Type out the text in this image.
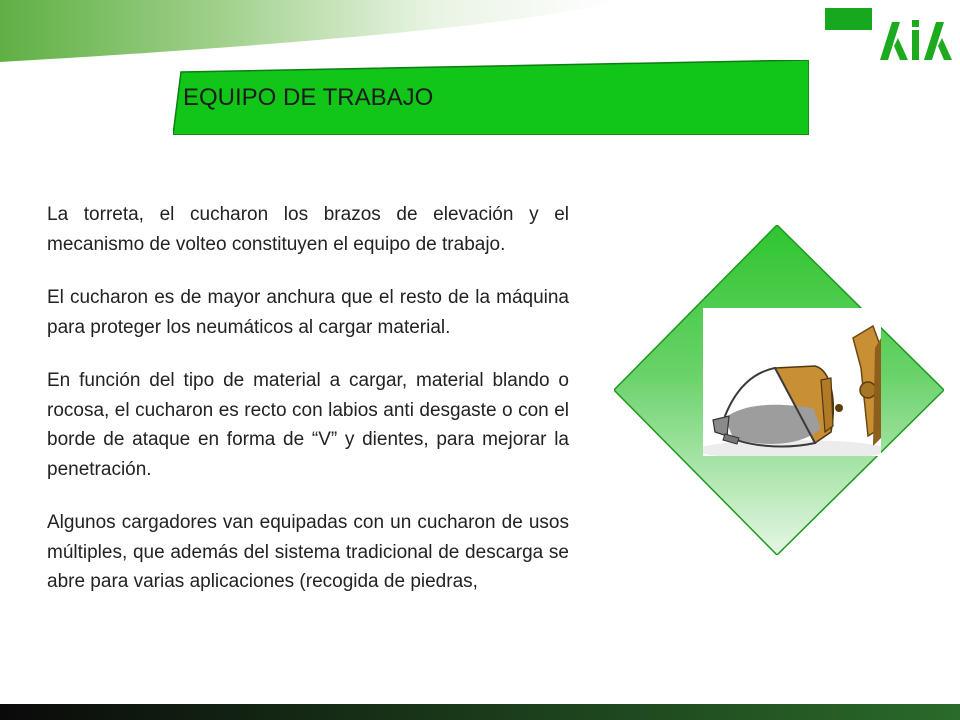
EQUIPO DE TRABAJO

La torreta, el cucharon los brazos de elevación y el mecanismo de volteo constituyen el equipo de trabajo.

El cucharon es de mayor anchura que el resto de la máquina para proteger los neumáticos al cargar material.

En función del tipo de material a cargar, material blando o rocosa, el cucharon es recto con labios anti desgaste o con el borde de ataque en forma de “V” y dientes, para mejorar la penetración.

Algunos cargadores van equipadas con un cucharon de usos múltiples, que además del sistema tradicional de descarga se abre para varias aplicaciones (recogida de piedras,
